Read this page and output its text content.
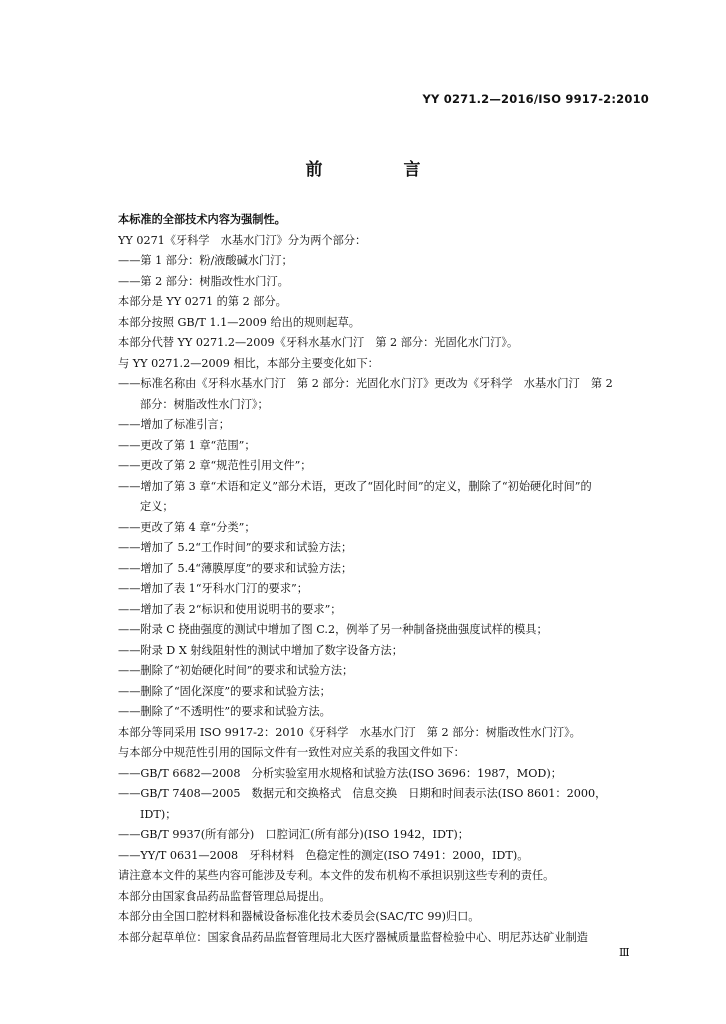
YY 0271.2—2016/ISO 9917-2:2010
前　言
本标准的全部技术内容为强制性。
YY 0271《牙科学　水基水门汀》分为两个部分：
——第 1 部分：粉/液酸碱水门汀；
——第 2 部分：树脂改性水门汀。
本部分是 YY 0271 的第 2 部分。
本部分按照 GB/T 1.1—2009 给出的规则起草。
本部分代替 YY 0271.2—2009《牙科水基水门汀　第 2 部分：光固化水门汀》。
与 YY 0271.2—2009 相比，本部分主要变化如下：
——标准名称由《牙科水基水门汀　第 2 部分：光固化水门汀》更改为《牙科学　水基水门汀　第 2
部分：树脂改性水门汀》；
——增加了标准引言；
——更改了第 1 章“范围”；
——更改了第 2 章“规范性引用文件”；
——增加了第 3 章“术语和定义”部分术语，更改了“固化时间”的定义，删除了“初始硬化时间”的
定义；
——更改了第 4 章“分类”；
——增加了 5.2“工作时间”的要求和试验方法；
——增加了 5.4“薄膜厚度”的要求和试验方法；
——增加了表 1“牙科水门汀的要求”；
——增加了表 2“标识和使用说明书的要求”；
——附录 C 挠曲强度的测试中增加了图 C.2，例举了另一种制备挠曲强度试样的模具；
——附录 D X 射线阻射性的测试中增加了数字设备方法；
——删除了“初始硬化时间”的要求和试验方法；
——删除了“固化深度”的要求和试验方法；
——删除了“不透明性”的要求和试验方法。
本部分等同采用 ISO 9917-2：2010《牙科学　水基水门汀　第 2 部分：树脂改性水门汀》。
与本部分中规范性引用的国际文件有一致性对应关系的我国文件如下：
——GB/T 6682—2008　分析实验室用水规格和试验方法(ISO 3696：1987，MOD)；
——GB/T 7408—2005　数据元和交换格式　信息交换　日期和时间表示法(ISO 8601：2000，
IDT)；
——GB/T 9937(所有部分)　口腔词汇(所有部分)(ISO 1942，IDT)；
——YY/T 0631—2008　牙科材料　色稳定性的测定(ISO 7491：2000，IDT)。
请注意本文件的某些内容可能涉及专利。本文件的发布机构不承担识别这些专利的责任。
本部分由国家食品药品监督管理总局提出。
本部分由全国口腔材料和器械设备标准化技术委员会(SAC/TC 99)归口。
本部分起草单位：国家食品药品监督管理局北大医疗器械质量监督检验中心、明尼苏达矿业制造
Ⅲ
